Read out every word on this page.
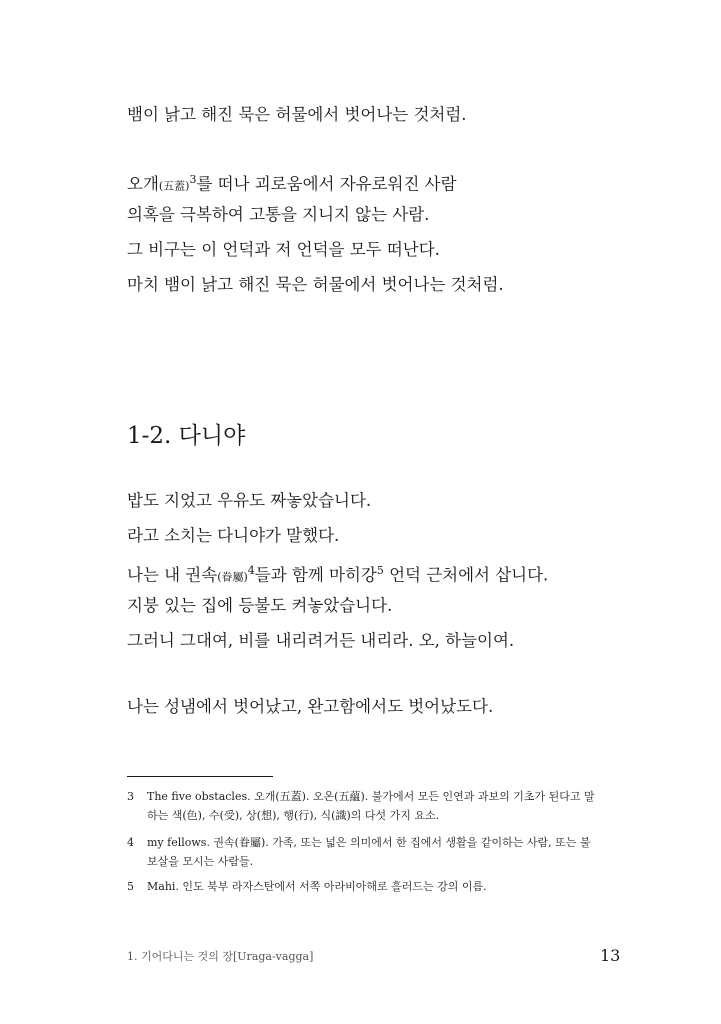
뱀이 낡고 해진 묵은 허물에서 벗어나는 것처럼.
오개(五蓋)$^3$를 떠나 괴로움에서 자유로워진 사람
의혹을 극복하여 고통을 지니지 않는 사람.
그 비구는 이 언덕과 저 언덕을 모두 떠난다.
마치 뱀이 낡고 해진 묵은 허물에서 벗어나는 것처럼.
1-2. 다니야
밥도 지었고 우유도 짜놓았습니다.
라고 소치는 다니야가 말했다.
나는 내 권속(眷屬)$^4$들과 함께 마히강$^5$ 언덕 근처에서 삽니다.
지붕 있는 집에 등불도 켜놓았습니다.
그러니 그대여, 비를 내리려거든 내리라. 오, 하늘이여.
나는 성냄에서 벗어났고, 완고함에서도 벗어났도다.
3 The five obstacles. 오개(五蓋). 오온(五蘊). 불가에서 모든 인연과 과보의 기초가 된다고 말
하는 색(色), 수(受), 상(想), 행(行), 식(識)의 다섯 가지 요소.
4 my fellows. 권속(眷屬). 가족, 또는 넓은 의미에서 한 집에서 생활을 같이하는 사람, 또는 불
보살을 모시는 사람들.
5 Mahi. 인도 북부 라자스탄에서 서쪽 아라비아해로 흘러드는 강의 이름.
1. 기어다니는 것의 장[Uraga-vagga]	13
